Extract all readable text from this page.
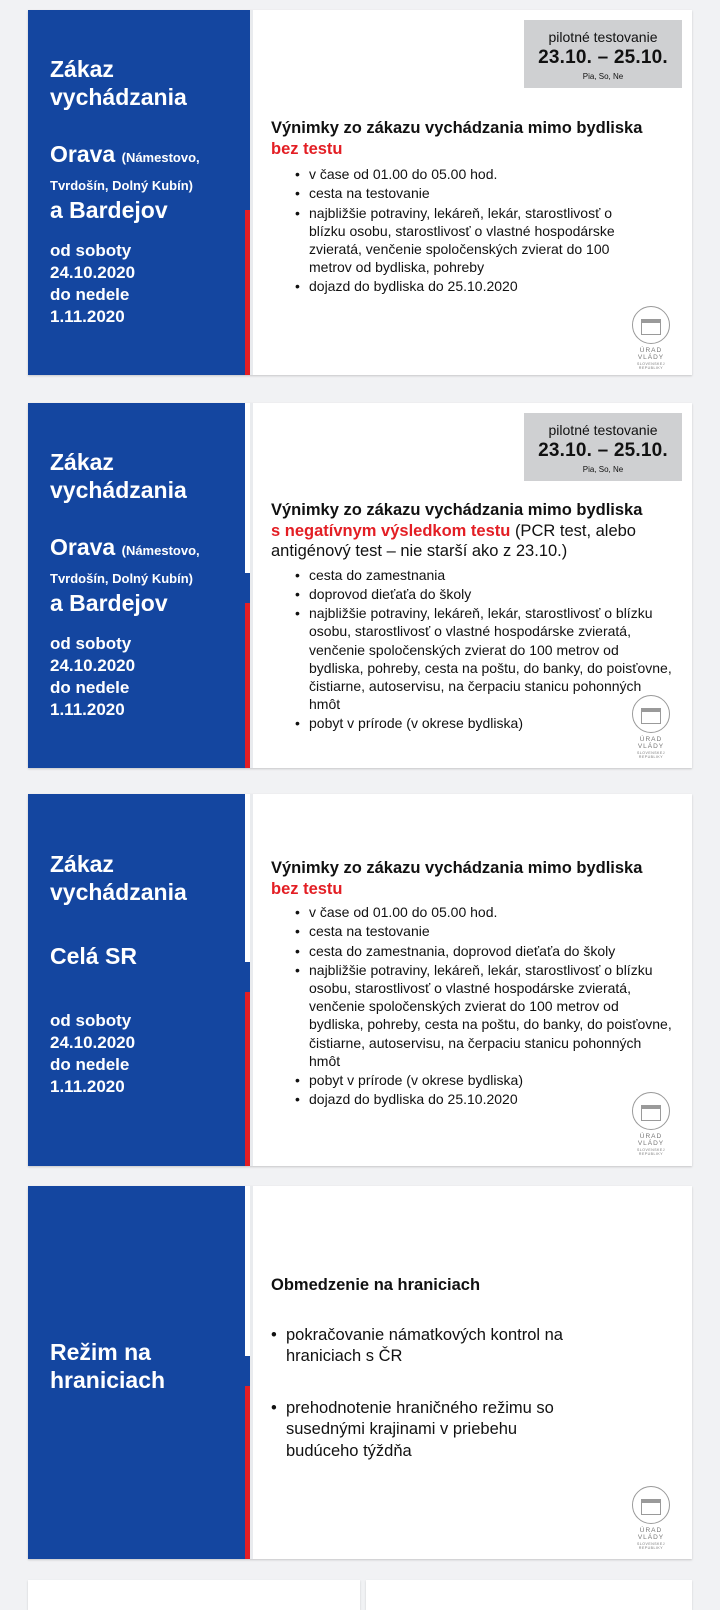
Zákaz vychádzania
Orava (Námestovo, Tvrdošín, Dolný Kubín)
a Bardejov
od soboty
24.10.2020
do nedele
1.11.2020
pilotné testovanie
23.10. – 25.10.
Pia, So, Ne
Výnimky zo zákazu vychádzania mimo bydliska bez testu
• v čase od 01.00 do 05.00 hod.
• cesta na testovanie
• najbližšie potraviny, lekáreň, lekár, starostlivosť o blízku osobu, starostlivosť o vlastné hospodárske zvieratá, venčenie spoločenských zvierat do 100 metrov od bydliska, pohreby
• dojazd do bydliska do 25.10.2020
ÚRAD VLÁDY
SLOVENSKEJ REPUBLIKY
Zákaz vychádzania
Orava (Námestovo, Tvrdošín, Dolný Kubín)
a Bardejov
od soboty
24.10.2020
do nedele
1.11.2020
pilotné testovanie
23.10. – 25.10.
Pia, So, Ne
Výnimky zo zákazu vychádzania mimo bydliska
s negatívnym výsledkom testu (PCR test, alebo antigénový test – nie starší ako z 23.10.)
• cesta do zamestnania
• doprovod dieťaťa do školy
• najbližšie potraviny, lekáreň, lekár, starostlivosť o blízku osobu, starostlivosť o vlastné hospodárske zvieratá, venčenie spoločenských zvierat do 100 metrov od bydliska, pohreby, cesta na poštu, do banky, do poisťovne, čistiarne, autoservisu, na čerpaciu stanicu pohonných hmôt
• pobyt v prírode (v okrese bydliska)
ÚRAD VLÁDY
SLOVENSKEJ REPUBLIKY
Zákaz vychádzania
Celá SR
od soboty
24.10.2020
do nedele
1.11.2020
Výnimky zo zákazu vychádzania mimo bydliska
bez testu
• v čase od 01.00 do 05.00 hod.
• cesta na testovanie
• cesta do zamestnania, doprovod dieťaťa do školy
• najbližšie potraviny, lekáreň, lekár, starostlivosť o blízku osobu, starostlivosť o vlastné hospodárske zvieratá, venčenie spoločenských zvierat do 100 metrov od bydliska, pohreby, cesta na poštu, do banky, do poisťovne, čistiarne, autoservisu, na čerpaciu stanicu pohonných hmôt
• pobyt v prírode (v okrese bydliska)
• dojazd do bydliska do 25.10.2020
ÚRAD VLÁDY
SLOVENSKEJ REPUBLIKY
Režim na hraniciach
Obmedzenie na hraniciach
• pokračovanie námatkových kontrol na hraniciach s ČR
• prehodnotenie hraničného režimu so susednými krajinami v priebehu budúceho týždňa
ÚRAD VLÁDY
SLOVENSKEJ REPUBLIKY
